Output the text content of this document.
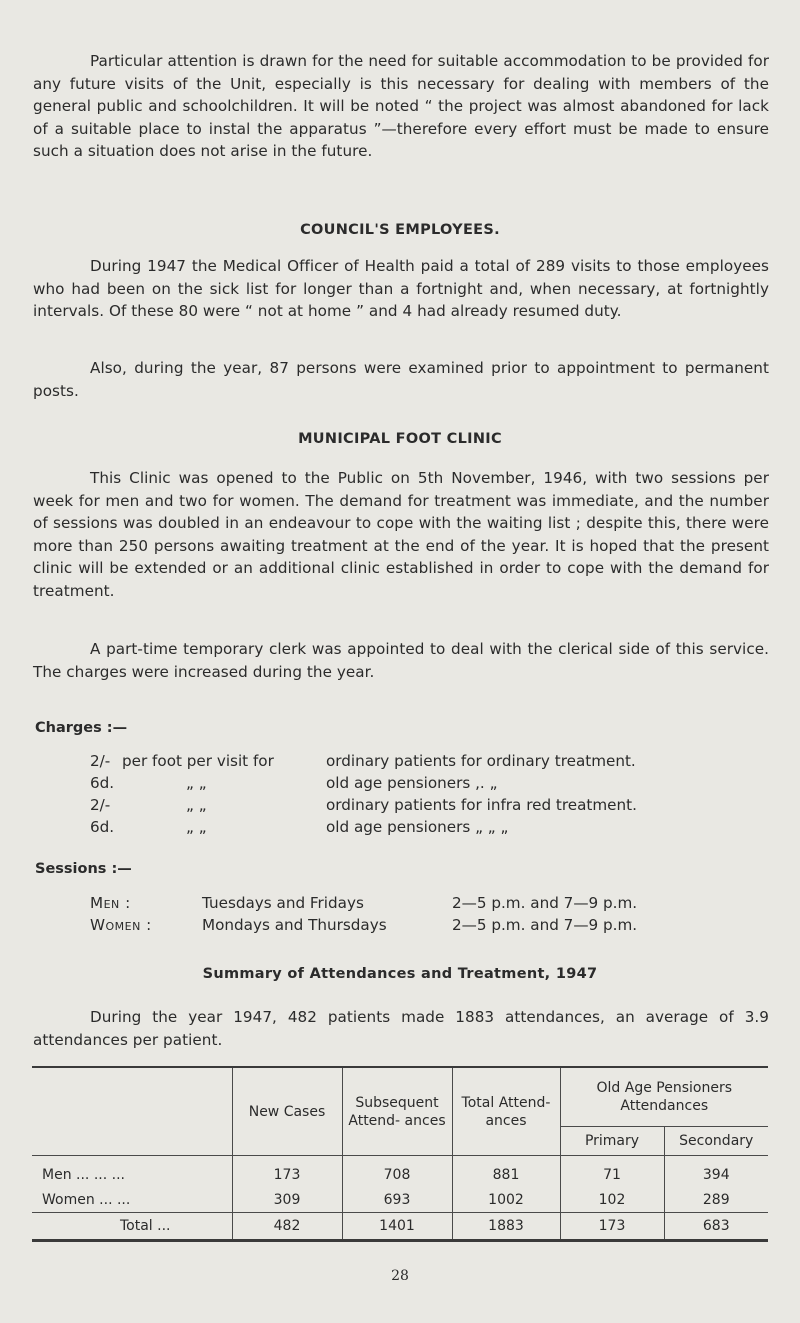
Particular attention is drawn for the need for suitable accommodation to be provided for any future visits of the Unit, especially is this necessary for dealing with members of the general public and schoolchildren. It will be noted “ the project was almost abandoned for lack of a suitable place to instal the apparatus ”—therefore every effort must be made to ensure such a situation does not arise in the future.

COUNCIL'S EMPLOYEES.

During 1947 the Medical Officer of Health paid a total of 289 visits to those employees who had been on the sick list for longer than a fortnight and, when necessary, at fortnightly intervals. Of these 80 were “ not at home ” and 4 had already resumed duty.

Also, during the year, 87 persons were examined prior to appointment to permanent posts.

MUNICIPAL FOOT CLINIC

This Clinic was opened to the Public on 5th November, 1946, with two sessions per week for men and two for women. The demand for treatment was immediate, and the number of sessions was doubled in an endeavour to cope with the waiting list ; despite this, there were more than 250 persons awaiting treatment at the end of the year. It is hoped that the present clinic will be extended or an additional clinic established in order to cope with the demand for treatment.

A part-time temporary clerk was appointed to deal with the clerical side of this service. The charges were increased during the year.

Charges :—
2/- per foot per visit for	ordinary patients for ordinary treatment.
6d.	„ „	old age pensioners ,. „
2/-	„ „	ordinary patients for infra red treatment.
6d.	„ „	old age pensioners „ „ „
Sessions :—
Men :	Tuesdays and Fridays	2—5 p.m. and 7—9 p.m.
Women :	Mondays and Thursdays	2—5 p.m. and 7—9 p.m.
Summary of Attendances and Treatment, 1947

During the year 1947, 482 patients made 1883 attendances, an average of 3.9 attendances per patient.

	New Cases	Subsequent Attend- ances	Total Attend- ances	Old Age Pensioners Attendances	
				Primary	Secondary
Men ... ... ...	173	708	881	71	394
Women ... ...	309	693	1002	102	289
Total ...	482	1401	1883	173	683
28
